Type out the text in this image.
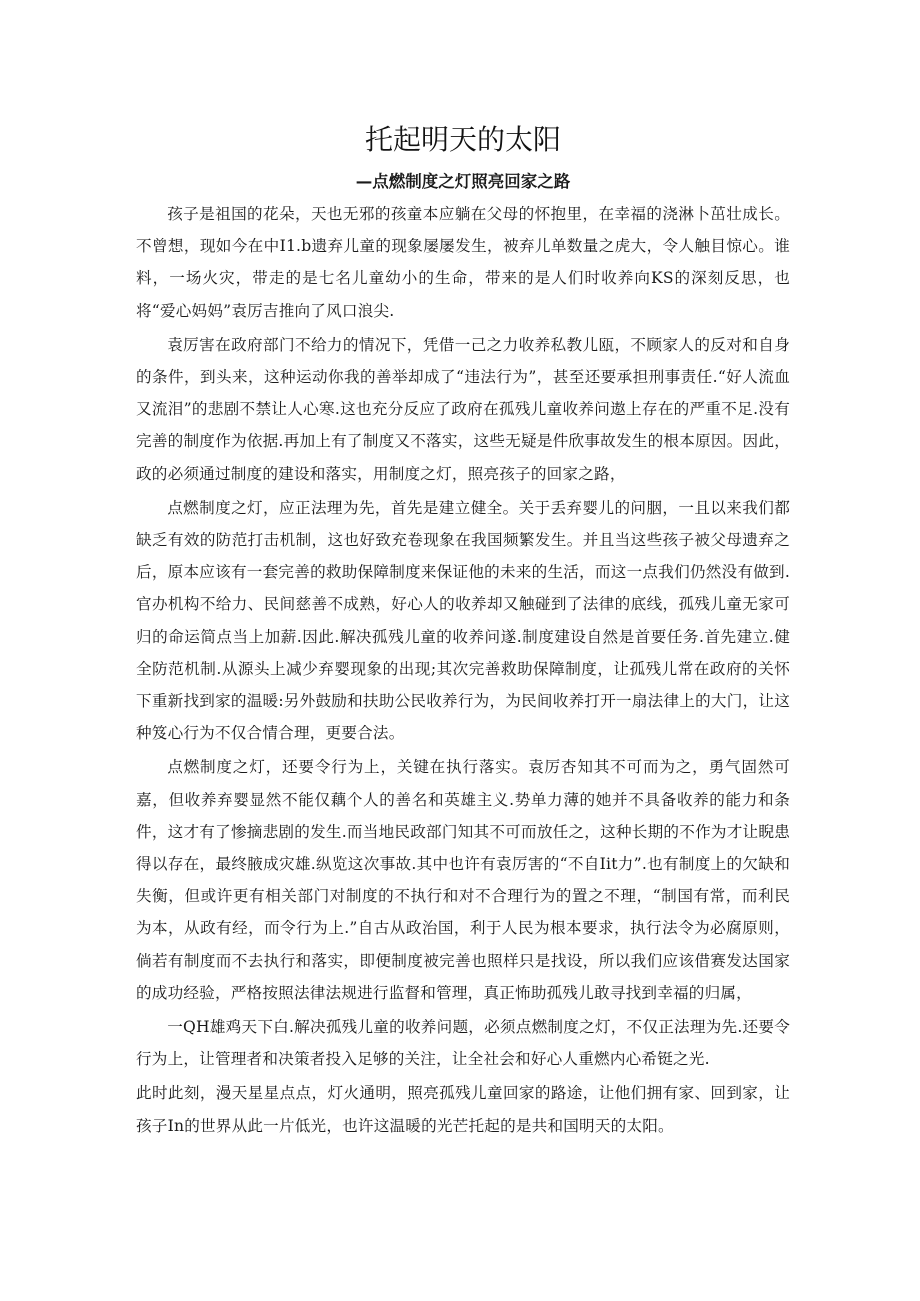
托起明天的太阳
—点燃制度之灯照亮回家之路

孩子是祖国的花朵，天也无邪的孩童本应躺在父母的怀抱里，在幸福的浇淋卜茁壮成长。不曾想，现如今在中I1.b遗弃儿童的现象屡屡发生，被弃儿单数量之虎大，令人触目惊心。谁料，一场火灾，带走的是七名儿童幼小的生命，带来的是人们时收养向KS的深刻反思，也将“爱心妈妈”袁厉吉推向了风口浪尖.

袁厉害在政府部门不给力的情况下，凭借一己之力收养私教儿瓯，不顾家人的反对和自身的条件，到头来，这种运动你我的善举却成了“违法行为”，甚至还要承担刑事责任.“好人流血又流泪”的悲剧不禁让人心寒.这也充分反应了政府在孤残儿童收养问遨上存在的严重不足.没有完善的制度作为依据.再加上有了制度又不落实，这些无疑是件欣事故发生的根本原因。因此，政的必须通过制度的建设和落实，用制度之灯，照亮孩子的回家之路，

点燃制度之灯，应正法理为先，首先是建立健全。关于丢弃婴儿的问胭，一且以来我们都缺乏有效的防范打击机制，这也好致充卷现象在我国频繁发生。并且当这些孩子被父母遗弃之后，原本应该有一套完善的救助保障制度来保证他的未来的生活，而这一点我们仍然没有做到.官办机构不给力、民间慈善不成熟，好心人的收养却又触碰到了法律的底线，孤残儿童无家可归的命运简点当上加薪.因此.解决孤残儿童的收养问遂.制度建设自然是首要任务.首先建立.健全防范机制.从源头上减少弃婴现象的出现;其次完善救助保障制度，让孤残儿常在政府的关怀下重新找到家的温暖:另外鼓励和扶助公民收养行为，为民间收养打开一扇法律上的大门，让这种笈心行为不仅合情合理，更要合法。

点燃制度之灯，还要令行为上，关键在执行落实。袁厉杏知其不可而为之，勇气固然可嘉，但收养弃婴显然不能仅藕个人的善名和英雄主义.势单力薄的她并不具备收养的能力和条件，这才有了惨摘悲剧的发生.而当地民政部门知其不可而放任之，这种长期的不作为才让睨患得以存在，最终腋成灾雄.纵览这次事故.其中也许有袁厉害的“不自Iit力”.也有制度上的欠缺和失衡，但或许更有相关部门对制度的不执行和对不合理行为的置之不理，“制国有常，而利民为本，从政有经，而令行为上.”自古从政治国，利于人民为根本要求，执行法令为必腐原则，倘若有制度而不去执行和落实，即便制度被完善也照样只是找设，所以我们应该借赛发达国家的成功经验，严格按照法律法规进行监督和管理，真正怖助孤残儿敢寻找到幸福的归属，

一QH雄鸡天下白.解决孤残儿童的收养问题，必须点燃制度之灯，不仅正法理为先.还要令行为上，让管理者和决策者投入足够的关注，让全社会和好心人重燃内心希铤之光.

此时此刻，漫天星星点点，灯火通明，照亮孤残儿童回家的路途，让他们拥有家、回到家，让孩子In的世界从此一片低光，也许这温暖的光芒托起的是共和国明天的太阳。
